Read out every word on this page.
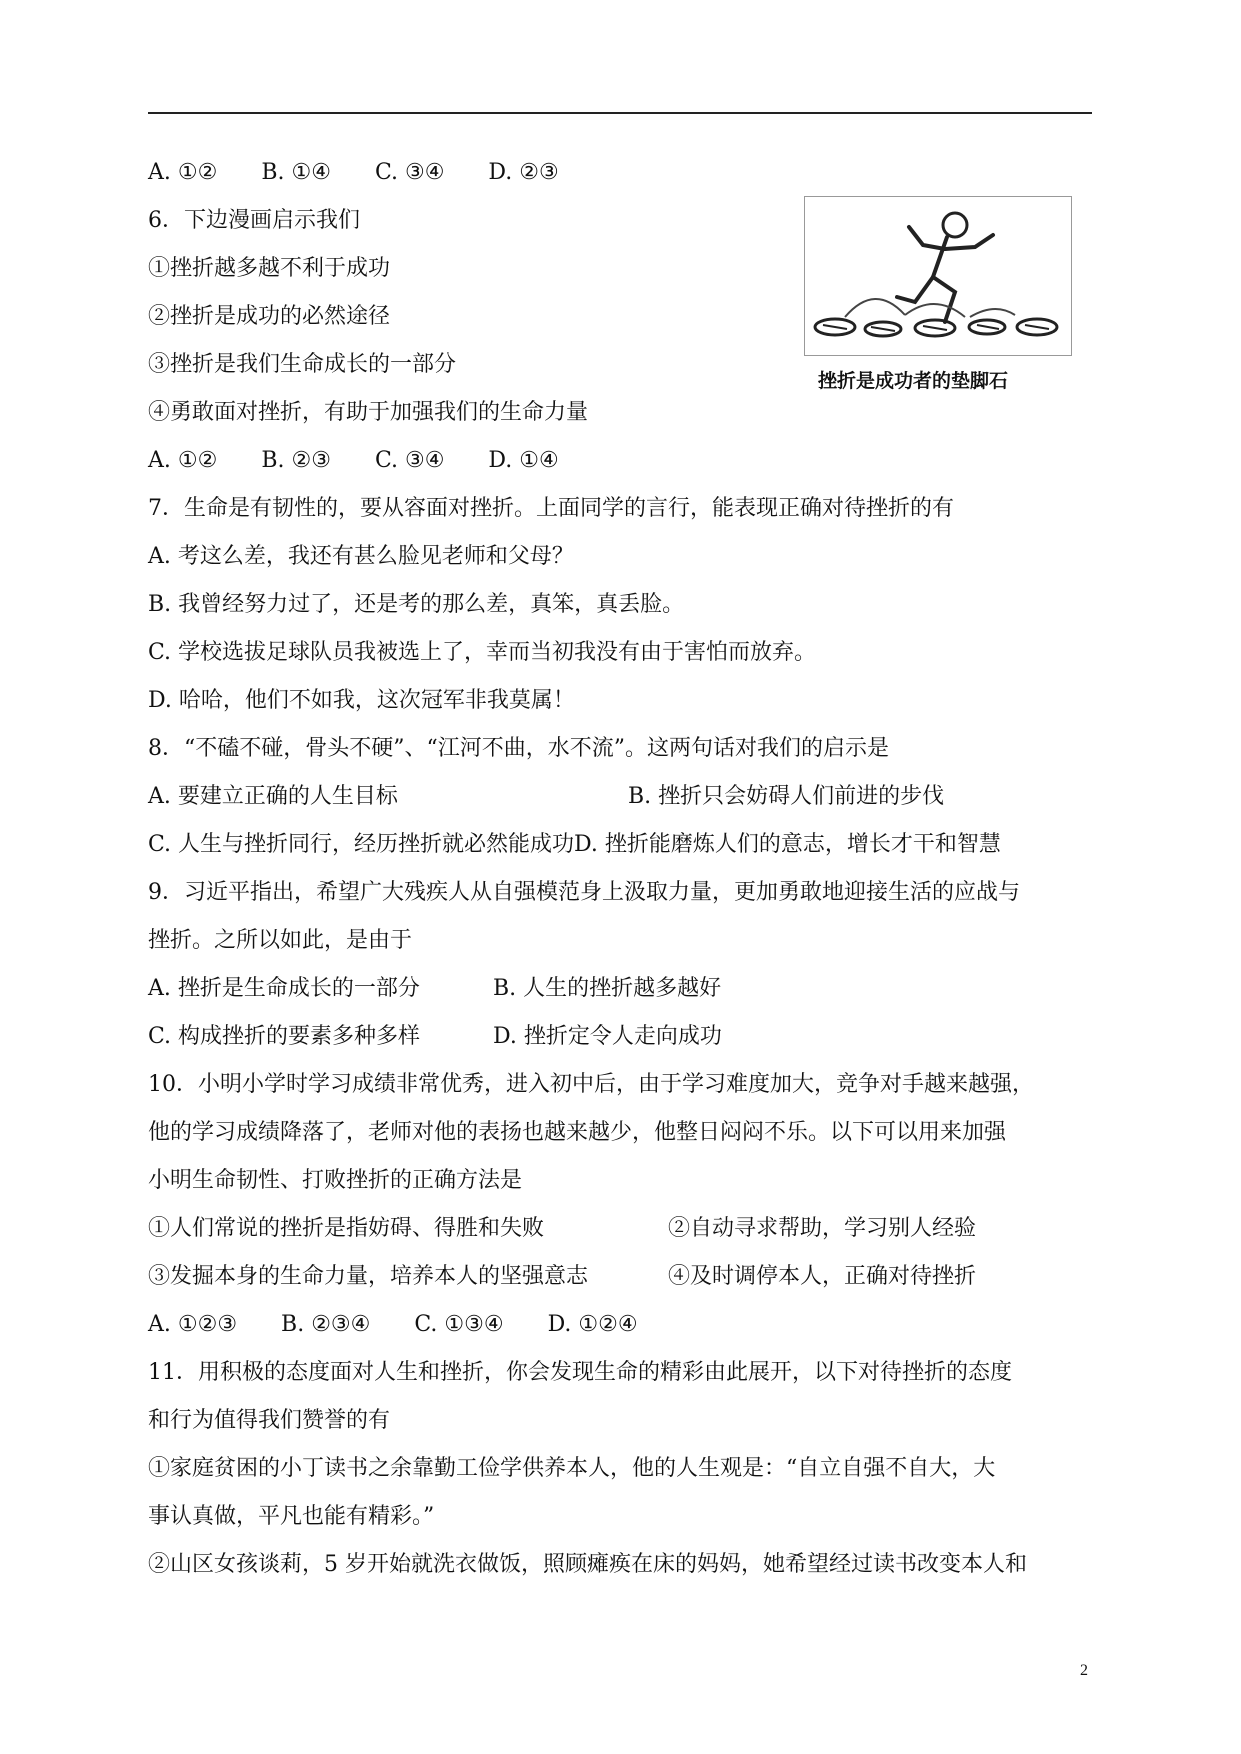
A. ①② B. ①④ C. ③④ D. ②③
6．下边漫画启示我们
①挫折越多越不利于成功
②挫折是成功的必然途径
③挫折是我们生命成长的一部分
④勇敢面对挫折，有助于加强我们的生命力量
A. ①② B. ②③ C. ③④ D. ①④
挫折是成功者的垫脚石
7．生命是有韧性的，要从容面对挫折。上面同学的言行，能表现正确对待挫折的有
A. 考这么差，我还有甚么脸见老师和父母？
B. 我曾经努力过了，还是考的那么差，真笨，真丢脸。
C. 学校选拔足球队员我被选上了，幸而当初我没有由于害怕而放弃。
D. 哈哈，他们不如我，这次冠军非我莫属！
8．“不磕不碰，骨头不硬”、“江河不曲，水不流”。这两句话对我们的启示是
A. 要建立正确的人生目标	B. 挫折只会妨碍人们前进的步伐
C. 人生与挫折同行，经历挫折就必然能成功D. 挫折能磨炼人们的意志，增长才干和智慧
9．习近平指出，希望广大残疾人从自强模范身上汲取力量，更加勇敢地迎接生活的应战与
挫折。之所以如此，是由于
A. 挫折是生命成长的一部分	B. 人生的挫折越多越好
C. 构成挫折的要素多种多样	D. 挫折定令人走向成功
10．小明小学时学习成绩非常优秀，进入初中后，由于学习难度加大，竞争对手越来越强，
他的学习成绩降落了，老师对他的表扬也越来越少，他整日闷闷不乐。以下可以用来加强
小明生命韧性、打败挫折的正确方法是
①人们常说的挫折是指妨碍、得胜和失败	②自动寻求帮助，学习别人经验
③发掘本身的生命力量，培养本人的坚强意志	④及时调停本人，正确对待挫折
A. ①②③ B. ②③④ C. ①③④ D. ①②④
11．用积极的态度面对人生和挫折，你会发现生命的精彩由此展开，以下对待挫折的态度
和行为值得我们赞誉的有
①家庭贫困的小丁读书之余靠勤工俭学供养本人，他的人生观是：“自立自强不自大，大
事认真做，平凡也能有精彩。”
②山区女孩谈莉，5 岁开始就洗衣做饭，照顾瘫痪在床的妈妈，她希望经过读书改变本人和
2
